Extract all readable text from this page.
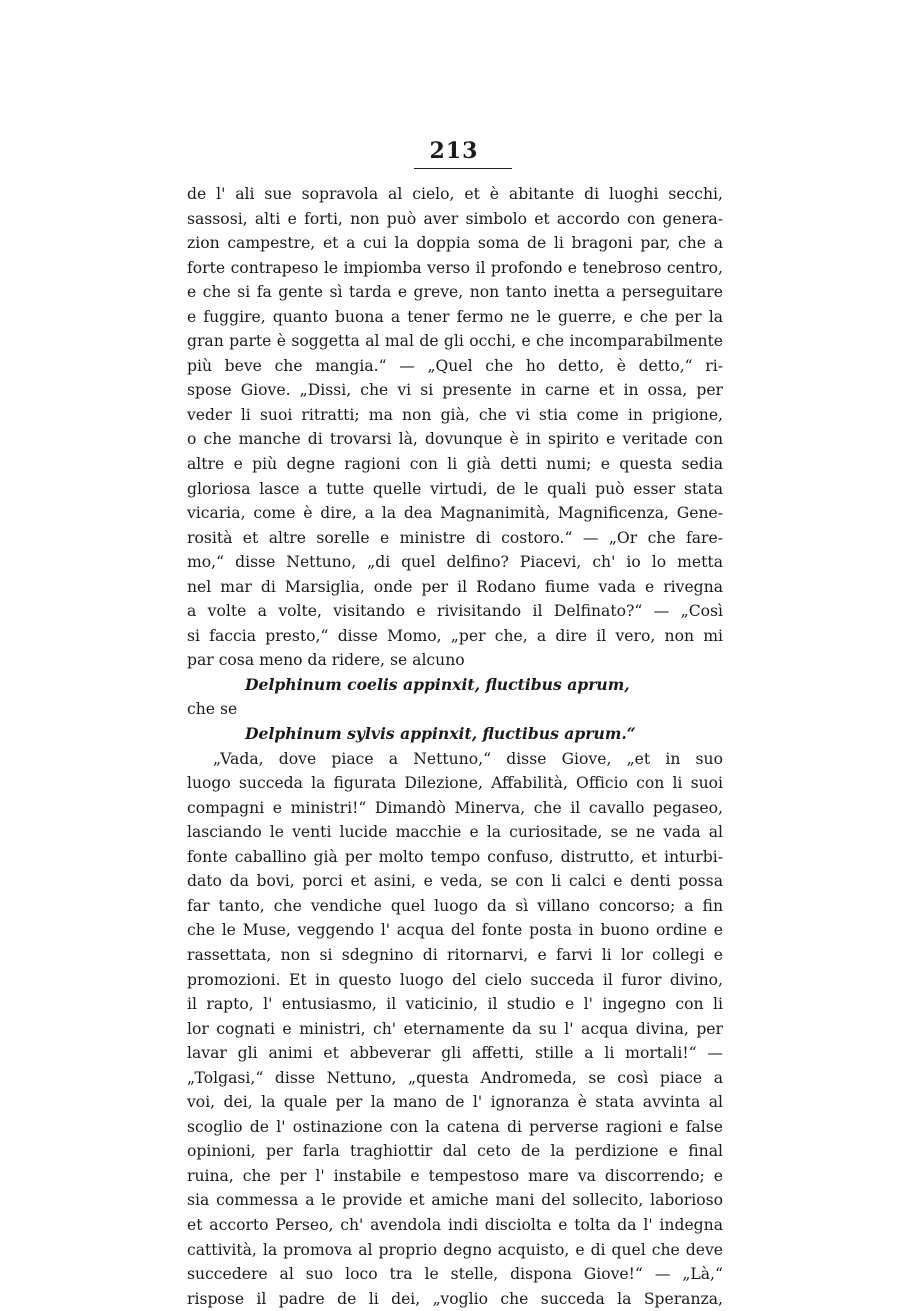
213
de l' ali sue sopravola al cielo, et è abitante di luoghi secchi,
sassosi, alti e forti, non può aver simbolo et accordo con genera-
zion campestre, et a cui la doppia soma de li bragoni par, che a
forte contrapeso le impiomba verso il profondo e tenebroso centro,
e che si fa gente sì tarda e greve, non tanto inetta a perseguitare
e fuggire, quanto buona a tener fermo ne le guerre, e che per la
gran parte è soggetta al mal de gli occhi, e che incomparabilmente
più beve che mangia.“ — „Quel che ho detto, è detto,“ ri-
spose Giove. „Dissi, che vi si presente in carne et in ossa, per
veder li suoi ritratti; ma non già, che vi stia come in prigione,
o che manche di trovarsi là, dovunque è in spirito e veritade con
altre e più degne ragioni con li già detti numi; e questa sedia
gloriosa lasce a tutte quelle virtudi, de le quali può esser stata
vicaria, come è dire, a la dea Magnanimità, Magnificenza, Gene-
rosità et altre sorelle e ministre di costoro.“ — „Or che fare-
mo,“ disse Nettuno, „di quel delfino? Piacevi, ch' io lo metta
nel mar di Marsiglia, onde per il Rodano fiume vada e rivegna
a volte a volte, visitando e rivisitando il Delfinato?“ — „Così
si faccia presto,“ disse Momo, „per che, a dire il vero, non mi
par cosa meno da ridere, se alcuno
Delphinum coelis appinxit, fluctibus aprum,
che se
Delphinum sylvis appinxit, fluctibus aprum.“
„Vada, dove piace a Nettuno,“ disse Giove, „et in suo
luogo succeda la figurata Dilezione, Affabilità, Officio con li suoi
compagni e ministri!“ Dimandò Minerva, che il cavallo pegaseo,
lasciando le venti lucide macchie e la curiositade, se ne vada al
fonte caballino già per molto tempo confuso, distrutto, et inturbi-
dato da bovi, porci et asini, e veda, se con li calci e denti possa
far tanto, che vendiche quel luogo da sì villano concorso; a fin
che le Muse, veggendo l' acqua del fonte posta in buono ordine e
rassettata, non si sdegnino di ritornarvi, e farvi li lor collegi e
promozioni. Et in questo luogo del cielo succeda il furor divino,
il rapto, l' entusiasmo, il vaticinio, il studio e l' ingegno con li
lor cognati e ministri, ch' eternamente da su l' acqua divina, per
lavar gli animi et abbeverar gli affetti, stille a li mortali!“ —
„Tolgasi,“ disse Nettuno, „questa Andromeda, se così piace a
voi, dei, la quale per la mano de l' ignoranza è stata avvinta al
scoglio de l' ostinazione con la catena di perverse ragioni e false
opinioni, per farla traghiottir dal ceto de la perdizione e final
ruina, che per l' instabile e tempestoso mare va discorrendo; e
sia commessa a le provide et amiche mani del sollecito, laborioso
et accorto Perseo, ch' avendola indi disciolta e tolta da l' indegna
cattività, la promova al proprio degno acquisto, e di quel che deve
succedere al suo loco tra le stelle, dispona Giove!“ — „Là,“
rispose il padre de li dei, „voglio che succeda la Speranza,
